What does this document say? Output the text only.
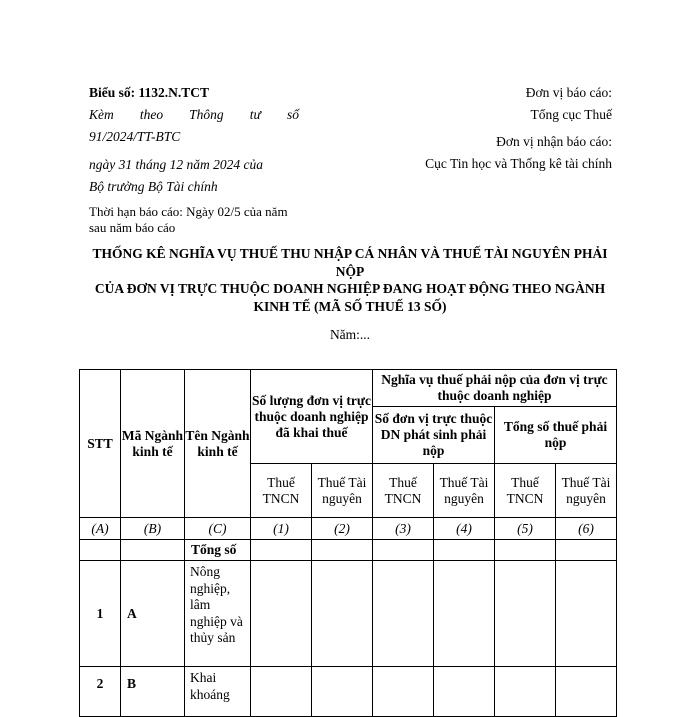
Biểu số: 1132.N.TCT
Kèm theo Thông tư số
91/2024/TT-BTC
ngày 31 tháng 12 năm 2024 của
Bộ trưởng Bộ Tài chính
Thời hạn báo cáo: Ngày 02/5 của năm sau năm báo cáo
Đơn vị báo cáo:
Tổng cục Thuế
Đơn vị nhận báo cáo:
Cục Tin học và Thống kê tài chính
THỐNG KÊ NGHĨA VỤ THUẾ THU NHẬP CÁ NHÂN VÀ THUẾ TÀI NGUYÊN PHẢI NỘP
CỦA ĐƠN VỊ TRỰC THUỘC DOANH NGHIỆP ĐANG HOẠT ĐỘNG THEO NGÀNH KINH TẾ (MÃ SỐ THUẾ 13 SỐ)
Năm:...
STT	Mã Ngành kinh tế	Tên Ngành kinh tế	Số lượng đơn vị trực thuộc doanh nghiệp đã khai thuế		Nghĩa vụ thuế phải nộp của đơn vị trực thuộc doanh nghiệp			
					Số đơn vị trực thuộc DN phát sinh phải nộp		Tổng số thuế phải nộp	
			Thuế TNCN	Thuế Tài nguyên	Thuế TNCN	Thuế Tài nguyên	Thuế TNCN	Thuế Tài nguyên
(A)	(B)	(C)	(1)	(2)	(3)	(4)	(5)	(6)
		Tổng số						
1	A	Nông nghiệp, lâm nghiệp và thủy sản						
2	B	Khai khoáng						
